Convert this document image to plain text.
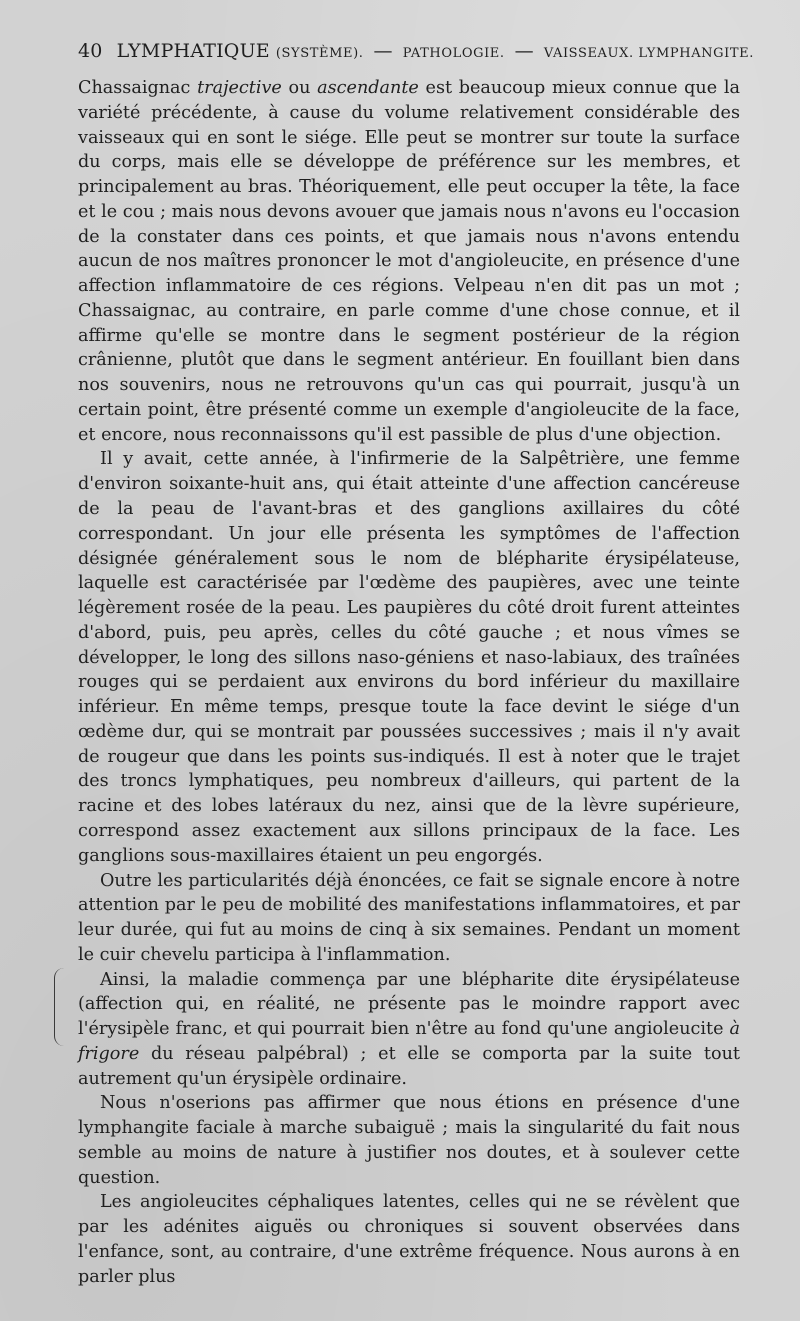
40 LYMPHATIQUE (SYSTÈME). — PATHOLOGIE. — VAISSEAUX. LYMPHANGITE.

Chassaignac trajective ou ascendante est beaucoup mieux connue que la variété précédente, à cause du volume relativement considérable des vaisseaux qui en sont le siége. Elle peut se montrer sur toute la surface du corps, mais elle se développe de préférence sur les membres, et principalement au bras. Théoriquement, elle peut occuper la tête, la face et le cou ; mais nous devons avouer que jamais nous n'avons eu l'occasion de la constater dans ces points, et que jamais nous n'avons entendu aucun de nos maîtres prononcer le mot d'angioleucite, en présence d'une affection inflammatoire de ces régions. Velpeau n'en dit pas un mot ; Chassaignac, au contraire, en parle comme d'une chose connue, et il affirme qu'elle se montre dans le segment postérieur de la région crânienne, plutôt que dans le segment antérieur. En fouillant bien dans nos souvenirs, nous ne retrouvons qu'un cas qui pourrait, jusqu'à un certain point, être présenté comme un exemple d'angioleucite de la face, et encore, nous reconnaissons qu'il est passible de plus d'une objection.

Il y avait, cette année, à l'infirmerie de la Salpêtrière, une femme d'environ soixante-huit ans, qui était atteinte d'une affection cancéreuse de la peau de l'avant-bras et des ganglions axillaires du côté correspondant. Un jour elle présenta les symptômes de l'affection désignée généralement sous le nom de blépharite érysipélateuse, laquelle est caractérisée par l'œdème des paupières, avec une teinte légèrement rosée de la peau. Les paupières du côté droit furent atteintes d'abord, puis, peu après, celles du côté gauche ; et nous vîmes se développer, le long des sillons naso-géniens et naso-labiaux, des traînées rouges qui se perdaient aux environs du bord inférieur du maxillaire inférieur. En même temps, presque toute la face devint le siége d'un œdème dur, qui se montrait par poussées successives ; mais il n'y avait de rougeur que dans les points sus-indiqués. Il est à noter que le trajet des troncs lymphatiques, peu nombreux d'ailleurs, qui partent de la racine et des lobes latéraux du nez, ainsi que de la lèvre supérieure, correspond assez exactement aux sillons principaux de la face. Les ganglions sous-maxillaires étaient un peu engorgés.

Outre les particularités déjà énoncées, ce fait se signale encore à notre attention par le peu de mobilité des manifestations inflammatoires, et par leur durée, qui fut au moins de cinq à six semaines. Pendant un moment le cuir chevelu participa à l'inflammation.

Ainsi, la maladie commença par une blépharite dite érysipélateuse (affection qui, en réalité, ne présente pas le moindre rapport avec l'érysipèle franc, et qui pourrait bien n'être au fond qu'une angioleucite à frigore du réseau palpébral) ; et elle se comporta par la suite tout autrement qu'un érysipèle ordinaire.

Nous n'oserions pas affirmer que nous étions en présence d'une lymphangite faciale à marche subaiguë ; mais la singularité du fait nous semble au moins de nature à justifier nos doutes, et à soulever cette question.

Les angioleucites céphaliques latentes, celles qui ne se révèlent que par les adénites aiguës ou chroniques si souvent observées dans l'enfance, sont, au contraire, d'une extrême fréquence. Nous aurons à en parler plus
